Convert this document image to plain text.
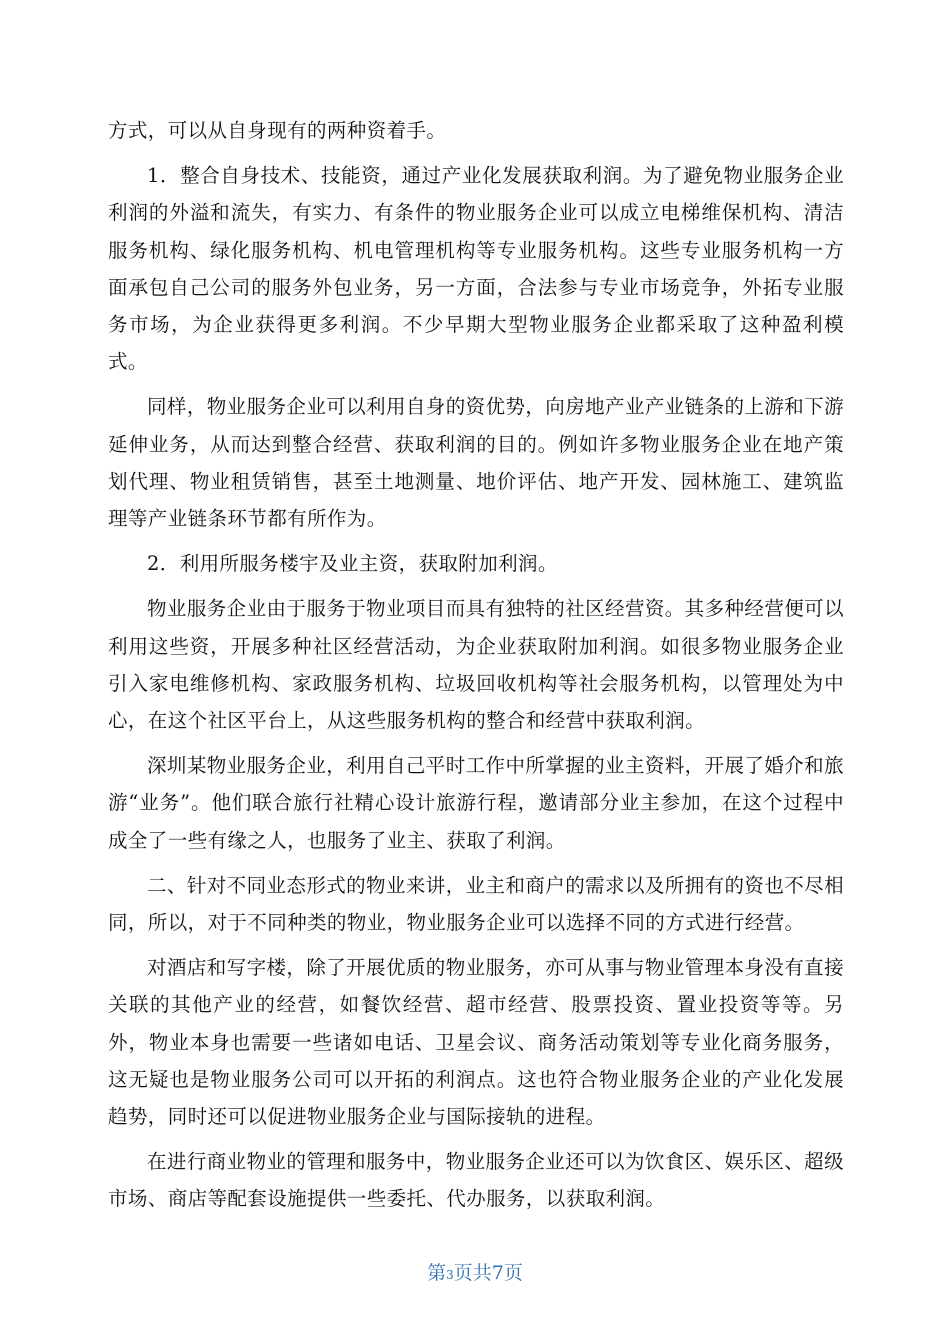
方式，可以从自身现有的两种资着手。

1．整合自身技术、技能资，通过产业化发展获取利润。为了避免物业服务企业利润的外溢和流失，有实力、有条件的物业服务企业可以成立电梯维保机构、清洁服务机构、绿化服务机构、机电管理机构等专业服务机构。这些专业服务机构一方面承包自己公司的服务外包业务，另一方面，合法参与专业市场竞争，外拓专业服务市场，为企业获得更多利润。不少早期大型物业服务企业都采取了这种盈利模式。

同样，物业服务企业可以利用自身的资优势，向房地产业产业链条的上游和下游延伸业务，从而达到整合经营、获取利润的目的。例如许多物业服务企业在地产策划代理、物业租赁销售，甚至土地测量、地价评估、地产开发、园林施工、建筑监理等产业链条环节都有所作为。

2．利用所服务楼宇及业主资，获取附加利润。

物业服务企业由于服务于物业项目而具有独特的社区经营资。其多种经营便可以利用这些资，开展多种社区经营活动，为企业获取附加利润。如很多物业服务企业引入家电维修机构、家政服务机构、垃圾回收机构等社会服务机构，以管理处为中心，在这个社区平台上，从这些服务机构的整合和经营中获取利润。

深圳某物业服务企业，利用自己平时工作中所掌握的业主资料，开展了婚介和旅游“业务”。他们联合旅行社精心设计旅游行程，邀请部分业主参加，在这个过程中成全了一些有缘之人，也服务了业主、获取了利润。

二、针对不同业态形式的物业来讲，业主和商户的需求以及所拥有的资也不尽相同，所以，对于不同种类的物业，物业服务企业可以选择不同的方式进行经营。

对酒店和写字楼，除了开展优质的物业服务，亦可从事与物业管理本身没有直接关联的其他产业的经营，如餐饮经营、超市经营、股票投资、置业投资等等。另外，物业本身也需要一些诸如电话、卫星会议、商务活动策划等专业化商务服务，这无疑也是物业服务公司可以开拓的利润点。这也符合物业服务企业的产业化发展趋势，同时还可以促进物业服务企业与国际接轨的进程。

在进行商业物业的管理和服务中，物业服务企业还可以为饮食区、娱乐区、超级市场、商店等配套设施提供一些委托、代办服务，以获取利润。

第3页共7页
